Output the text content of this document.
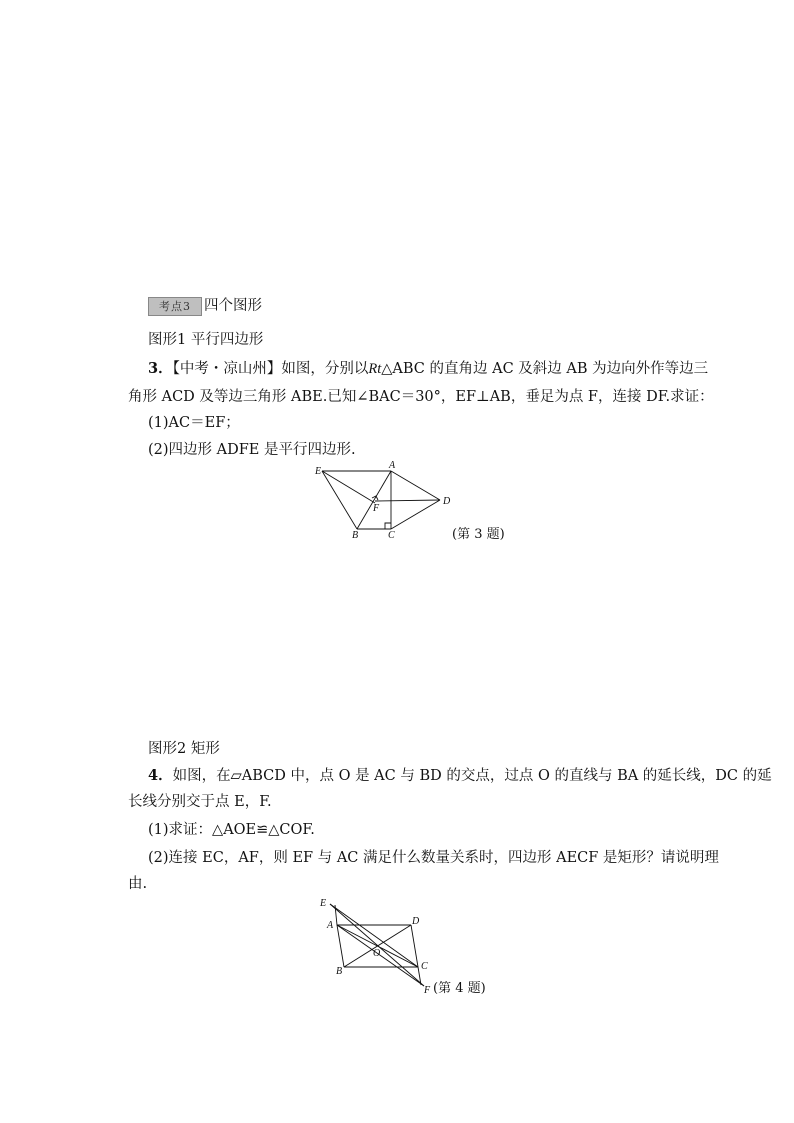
考点3 四个图形
图形1 平行四边形
3．【中考・凉山州】如图，分别以Rt△ABC 的直角边 AC 及斜边 AB 为边向外作等边三
角形 ACD 及等边三角形 ABE.已知∠BAC＝30°，EF⊥AB，垂足为点 F，连接 DF.求证：
(1)AC＝EF；
(2)四边形 ADFE 是平行四边形.
E
A
D
F
B	C	(第 3 题)
图形2 矩形
4．如图，在▱ABCD 中，点 O 是 AC 与 BD 的交点，过点 O 的直线与 BA 的延长线，DC 的延
长线分别交于点 E，F.
(1)求证：△AOE≌△COF.
(2)连接 EC，AF，则 EF 与 AC 满足什么数量关系时，四边形 AECF 是矩形？请说明理
由.
E
A	D
O
B	C
F (第 4 题)
